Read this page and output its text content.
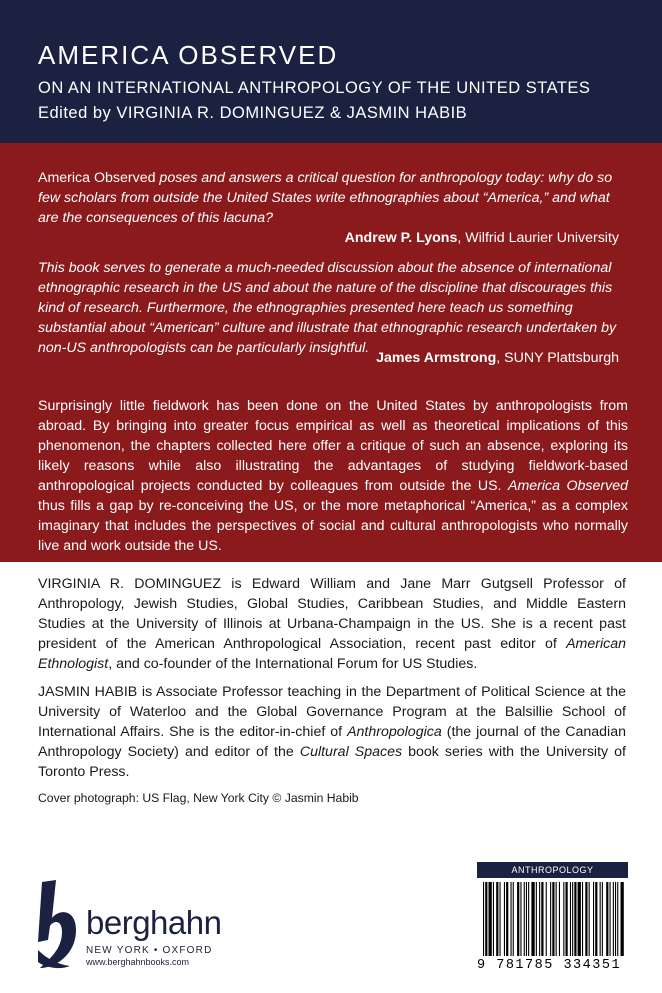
AMERICA OBSERVED

ON AN INTERNATIONAL ANTHROPOLOGY OF THE UNITED STATES

Edited by VIRGINIA R. DOMINGUEZ & JASMIN HABIB

America Observed poses and answers a critical question for anthropology today: why do so few scholars from outside the United States write ethnographies about “America,” and what are the consequences of this lacuna?

Andrew P. Lyons, Wilfrid Laurier University

This book serves to generate a much-needed discussion about the absence of international ethnographic research in the US and about the nature of the discipline that discourages this kind of research. Furthermore, the ethnographies presented here teach us something substantial about “American” culture and illustrate that ethnographic research undertaken by non-US anthropologists can be particularly insightful.

James Armstrong, SUNY Plattsburgh

Surprisingly little fieldwork has been done on the United States by anthropologists from abroad. By bringing into greater focus empirical as well as theoretical implications of this phenomenon, the chapters collected here offer a critique of such an absence, exploring its likely reasons while also illustrating the advantages of studying fieldwork-based anthropological projects conducted by colleagues from outside the US. America Observed thus fills a gap by re-conceiving the US, or the more metaphorical “America,” as a complex imaginary that includes the perspectives of social and cultural anthropologists who normally live and work outside the US.

VIRGINIA R. DOMINGUEZ is Edward William and Jane Marr Gutgsell Professor of Anthropology, Jewish Studies, Global Studies, Caribbean Studies, and Middle Eastern Studies at the University of Illinois at Urbana-Champaign in the US. She is a recent past president of the American Anthropological Association, recent past editor of American Ethnologist, and co-founder of the International Forum for US Studies.

JASMIN HABIB is Associate Professor teaching in the Department of Political Science at the University of Waterloo and the Global Governance Program at the Balsillie School of International Affairs. She is the editor-in-chief of Anthropologica (the journal of the Canadian Anthropology Society) and editor of the Cultural Spaces book series with the University of Toronto Press.

Cover photograph: US Flag, New York City © Jasmin Habib

berghahn

NEW YORK • OXFORD

www.berghahnbooks.com

ANTHROPOLOGY

9 781785 334351
